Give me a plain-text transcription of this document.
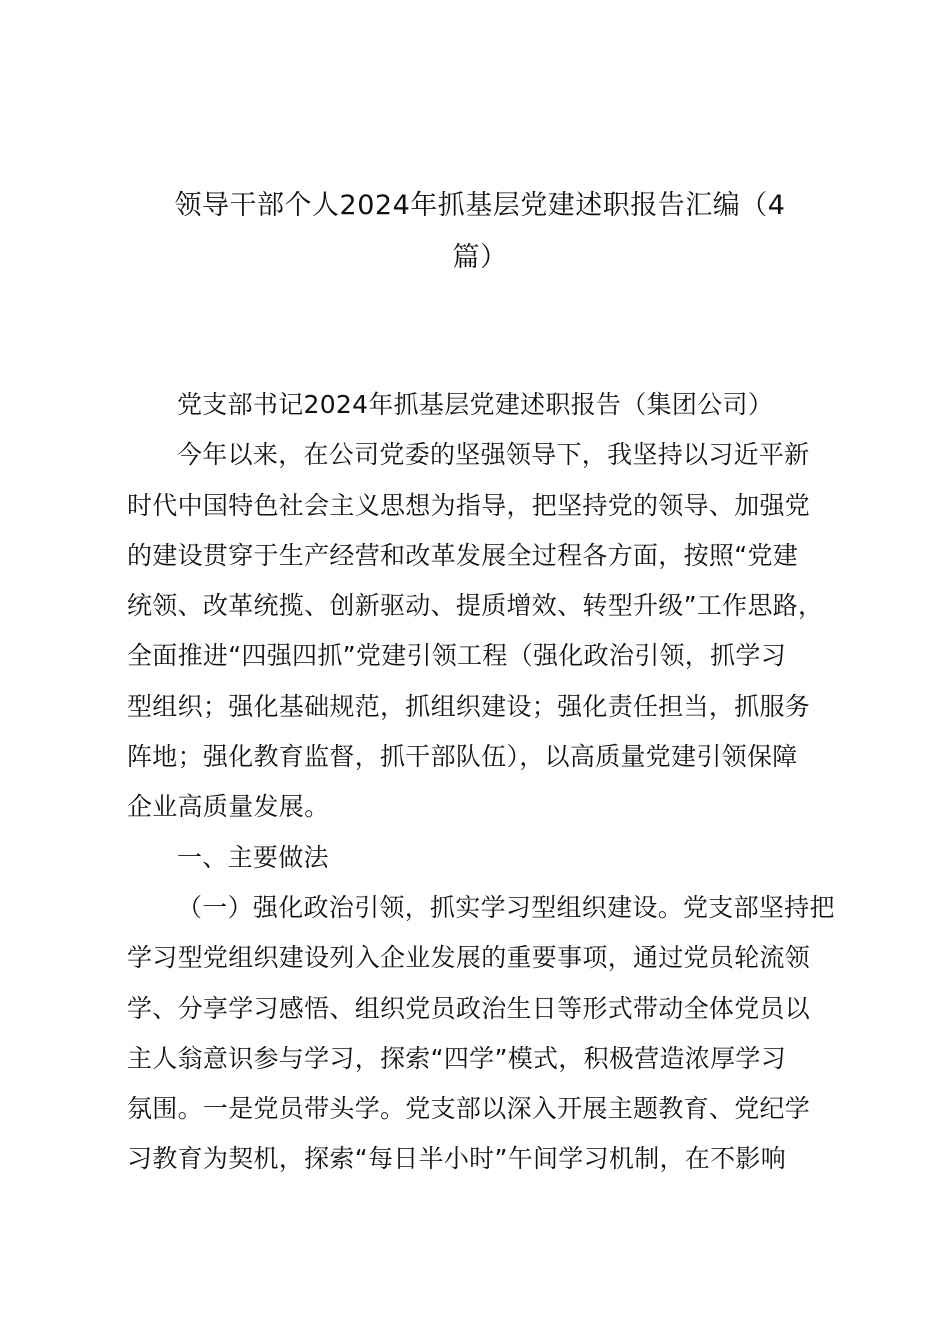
领导干部个人2024年抓基层党建述职报告汇编（4
篇）
党支部书记2024年抓基层党建述职报告（集团公司）
今年以来，在公司党委的坚强领导下，我坚持以习近平新
时代中国特色社会主义思想为指导，把坚持党的领导、加强党
的建设贯穿于生产经营和改革发展全过程各方面，按照“党建
统领、改革统揽、创新驱动、提质增效、转型升级”工作思路，
全面推进“四强四抓”党建引领工程（强化政治引领，抓学习
型组织；强化基础规范，抓组织建设；强化责任担当，抓服务
阵地；强化教育监督，抓干部队伍），以高质量党建引领保障
企业高质量发展。
一、主要做法
（一）强化政治引领，抓实学习型组织建设。党支部坚持把
学习型党组织建设列入企业发展的重要事项，通过党员轮流领
学、分享学习感悟、组织党员政治生日等形式带动全体党员以
主人翁意识参与学习，探索“四学”模式，积极营造浓厚学习
氛围。一是党员带头学。党支部以深入开展主题教育、党纪学
习教育为契机，探索“每日半小时”午间学习机制，在不影响
